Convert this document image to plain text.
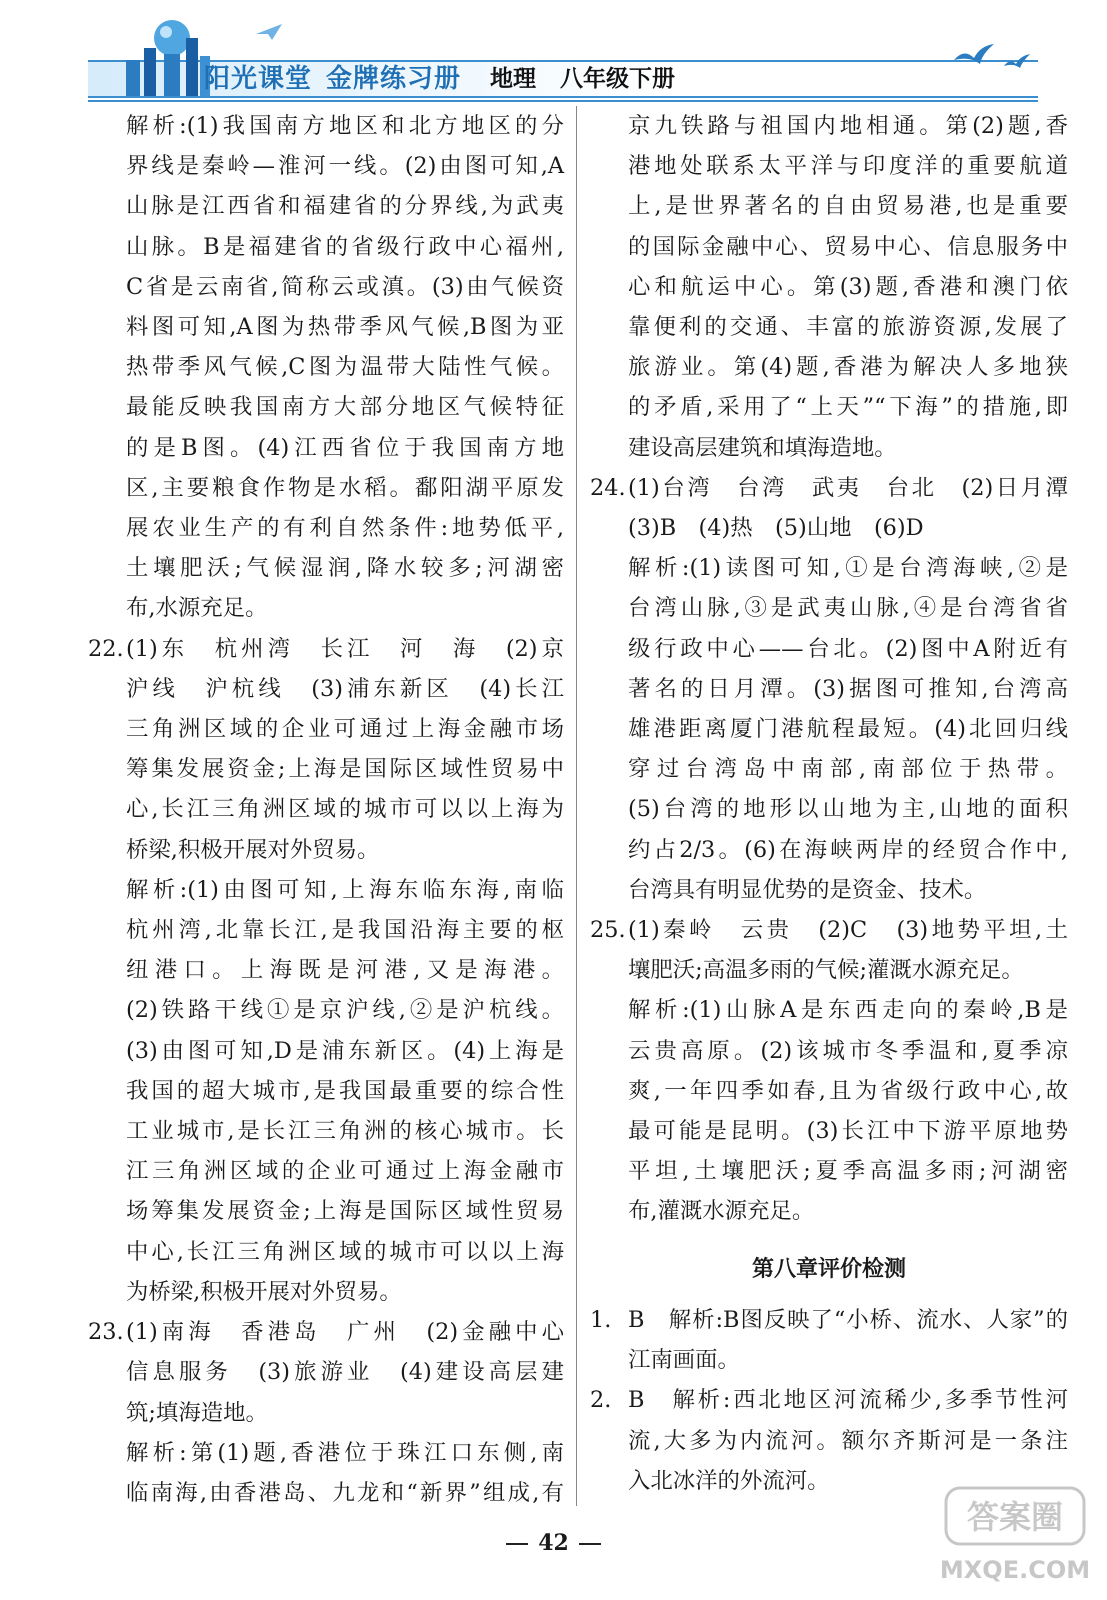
阳光课堂 金牌练习册	地理 八年级下册

解析:(1)我国南方地区和北方地区的分

界线是秦岭—淮河一线。(2)由图可知,A

山脉是江西省和福建省的分界线,为武夷

山脉。B是福建省的省级行政中心福州,

C省是云南省,简称云或滇。(3)由气候资

料图可知,A图为热带季风气候,B图为亚

热带季风气候,C图为温带大陆性气候。

最能反映我国南方大部分地区气候特征

的是B图。(4)江西省位于我国南方地

区,主要粮食作物是水稻。鄱阳湖平原发

展农业生产的有利自然条件:地势低平,

土壤肥沃;气候湿润,降水较多;河湖密

布,水源充足。

22. (1)东　杭州湾　长江　河　海　(2)京

沪线　沪杭线　(3)浦东新区　(4)长江

三角洲区域的企业可通过上海金融市场

筹集发展资金;上海是国际区域性贸易中

心,长江三角洲区域的城市可以以上海为

桥梁,积极开展对外贸易。

解析:(1)由图可知,上海东临东海,南临

杭州湾,北靠长江,是我国沿海主要的枢

纽港口。上海既是河港,又是海港。

(2)铁路干线①是京沪线,②是沪杭线。

(3)由图可知,D是浦东新区。(4)上海是

我国的超大城市,是我国最重要的综合性

工业城市,是长江三角洲的核心城市。长

江三角洲区域的企业可通过上海金融市

场筹集发展资金;上海是国际区域性贸易

中心,长江三角洲区域的城市可以以上海

为桥梁,积极开展对外贸易。

23. (1)南海　香港岛　广州　(2)金融中心

信息服务　(3)旅游业　(4)建设高层建

筑;填海造地。

解析:第(1)题,香港位于珠江口东侧,南

临南海,由香港岛、九龙和“新界”组成,有

京九铁路与祖国内地相通。第(2)题,香

港地处联系太平洋与印度洋的重要航道

上,是世界著名的自由贸易港,也是重要

的国际金融中心、贸易中心、信息服务中

心和航运中心。第(3)题,香港和澳门依

靠便利的交通、丰富的旅游资源,发展了

旅游业。第(4)题,香港为解决人多地狭

的矛盾,采用了“上天”“下海”的措施,即

建设高层建筑和填海造地。

24. (1)台湾　台湾　武夷　台北　(2)日月潭

(3)B　(4)热　(5)山地　(6)D

解析:(1)读图可知,①是台湾海峡,②是

台湾山脉,③是武夷山脉,④是台湾省省

级行政中心——台北。(2)图中A附近有

著名的日月潭。(3)据图可推知,台湾高

雄港距离厦门港航程最短。(4)北回归线

穿过台湾岛中南部,南部位于热带。

(5)台湾的地形以山地为主,山地的面积

约占2/3。(6)在海峡两岸的经贸合作中,

台湾具有明显优势的是资金、技术。

25. (1)秦岭　云贵　(2)C　(3)地势平坦,土

壤肥沃;高温多雨的气候;灌溉水源充足。

解析:(1)山脉A是东西走向的秦岭,B是

云贵高原。(2)该城市冬季温和,夏季凉

爽,一年四季如春,且为省级行政中心,故

最可能是昆明。(3)长江中下游平原地势

平坦,土壤肥沃;夏季高温多雨;河湖密

布,灌溉水源充足。

第八章评价检测
1. B　解析:B图反映了“小桥、流水、人家”的

江南画面。

2. B　解析:西北地区河流稀少,多季节性河

流,大多为内流河。额尔齐斯河是一条注

入北冰洋的外流河。

42
答案圈
MXQE.COM
